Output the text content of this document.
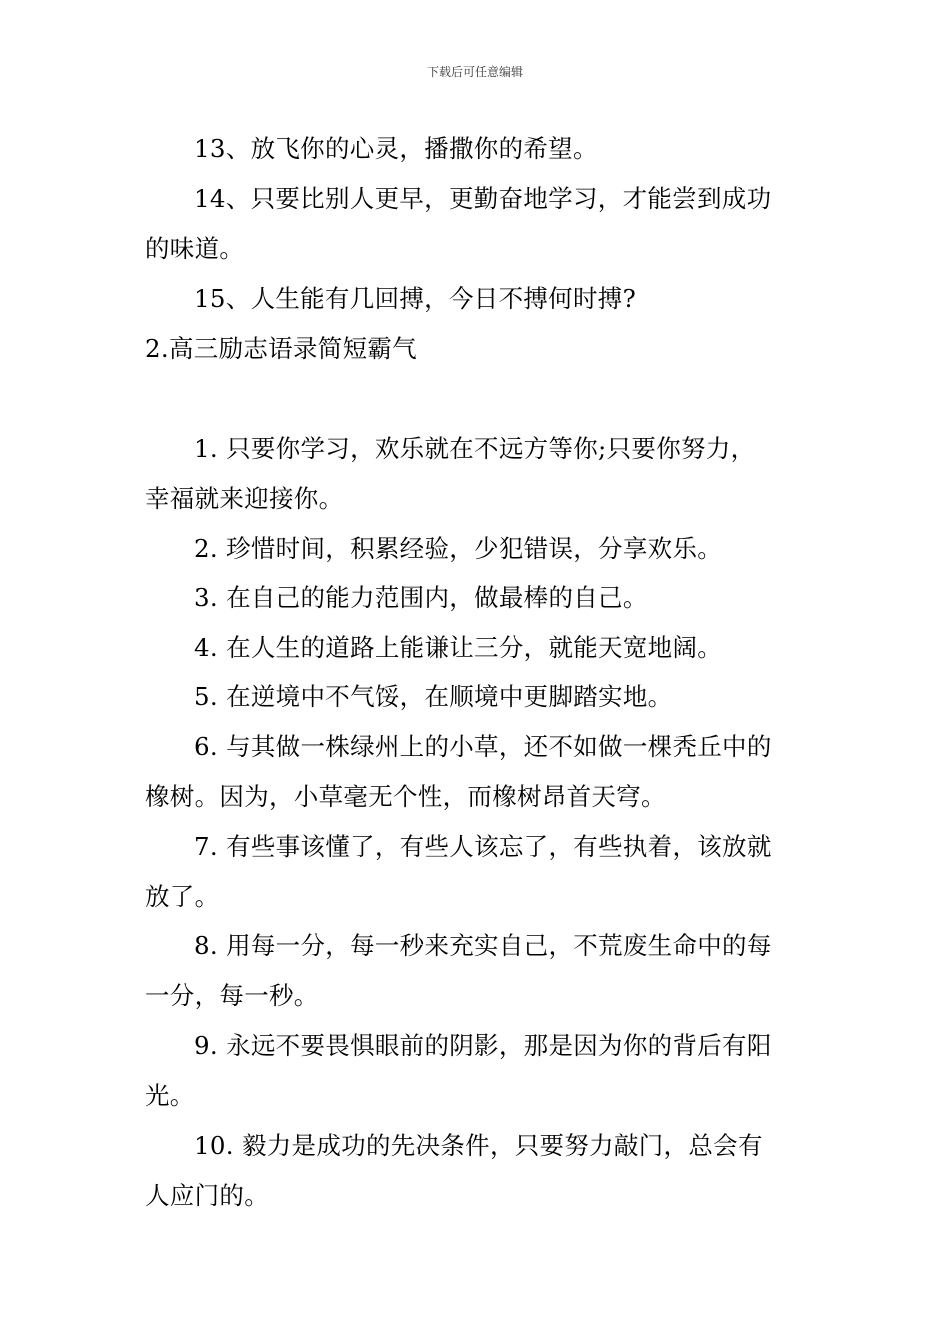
下载后可任意编辑
13、放飞你的心灵，播撒你的希望。
14、只要比别人更早，更勤奋地学习，才能尝到成功
的味道。
15、人生能有几回搏，今日不搏何时搏?
2.高三励志语录简短霸气
1. 只要你学习，欢乐就在不远方等你;只要你努力，
幸福就来迎接你。
2. 珍惜时间，积累经验，少犯错误，分享欢乐。
3. 在自己的能力范围内，做最棒的自己。
4. 在人生的道路上能谦让三分，就能天宽地阔。
5. 在逆境中不气馁，在顺境中更脚踏实地。
6. 与其做一株绿州上的小草，还不如做一棵秃丘中的
橡树。因为，小草毫无个性，而橡树昂首天穹。
7. 有些事该懂了，有些人该忘了，有些执着，该放就
放了。
8. 用每一分，每一秒来充实自己，不荒废生命中的每
一分，每一秒。
9. 永远不要畏惧眼前的阴影，那是因为你的背后有阳
光。
10. 毅力是成功的先决条件，只要努力敲门，总会有
人应门的。
